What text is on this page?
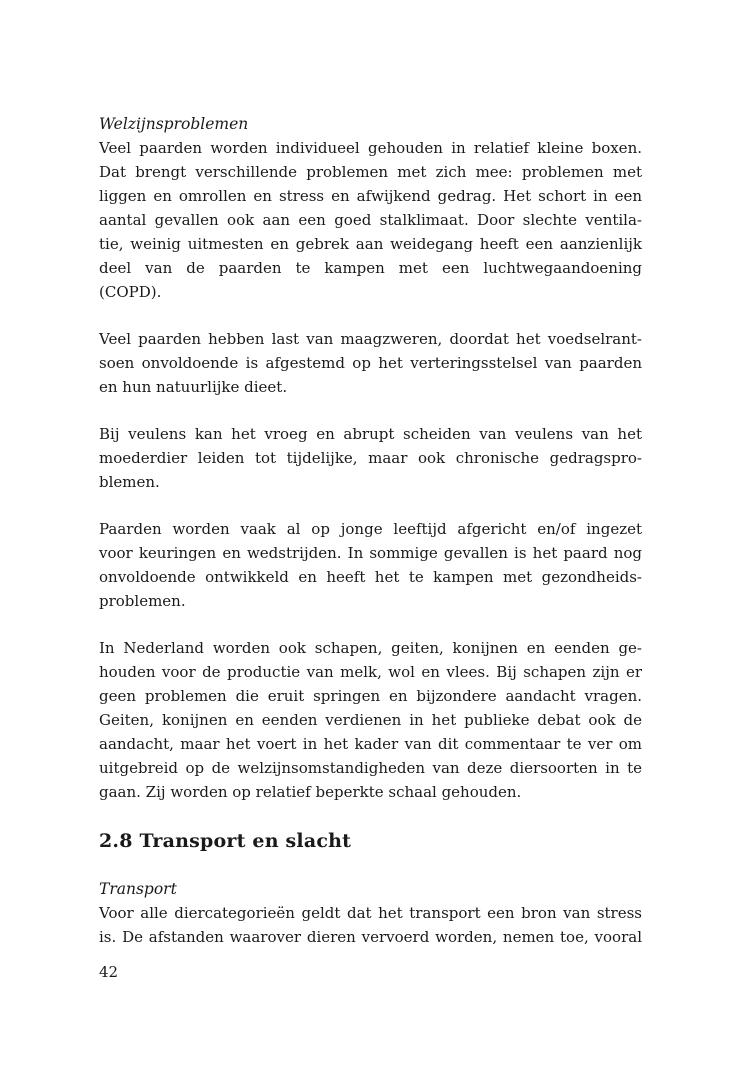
Welzijnsproblemen
Veel paarden worden individueel gehouden in relatief kleine boxen.
Dat brengt verschillende problemen met zich mee: problemen met
liggen en omrollen en stress en afwijkend gedrag. Het schort in een
aantal gevallen ook aan een goed stalklimaat. Door slechte ventila-
tie, weinig uitmesten en gebrek aan weidegang heeft een aanzienlijk
deel van de paarden te kampen met een luchtwegaandoening
(COPD).
Veel paarden hebben last van maagzweren, doordat het voedselrant-
soen onvoldoende is afgestemd op het verteringsstelsel van paarden
en hun natuurlijke dieet.
Bij veulens kan het vroeg en abrupt scheiden van veulens van het
moederdier leiden tot tijdelijke, maar ook chronische gedragspro-
blemen.
Paarden worden vaak al op jonge leeftijd afgericht en/of ingezet
voor keuringen en wedstrijden. In sommige gevallen is het paard nog
onvoldoende ontwikkeld en heeft het te kampen met gezondheids-
problemen.
In Nederland worden ook schapen, geiten, konijnen en eenden ge-
houden voor de productie van melk, wol en vlees. Bij schapen zijn er
geen problemen die eruit springen en bijzondere aandacht vragen.
Geiten, konijnen en eenden verdienen in het publieke debat ook de
aandacht, maar het voert in het kader van dit commentaar te ver om
uitgebreid op de welzijnsomstandigheden van deze diersoorten in te
gaan. Zij worden op relatief beperkte schaal gehouden.
2.8 Transport en slacht
Transport
Voor alle diercategorieën geldt dat het transport een bron van stress
is. De afstanden waarover dieren vervoerd worden, nemen toe, vooral
42
